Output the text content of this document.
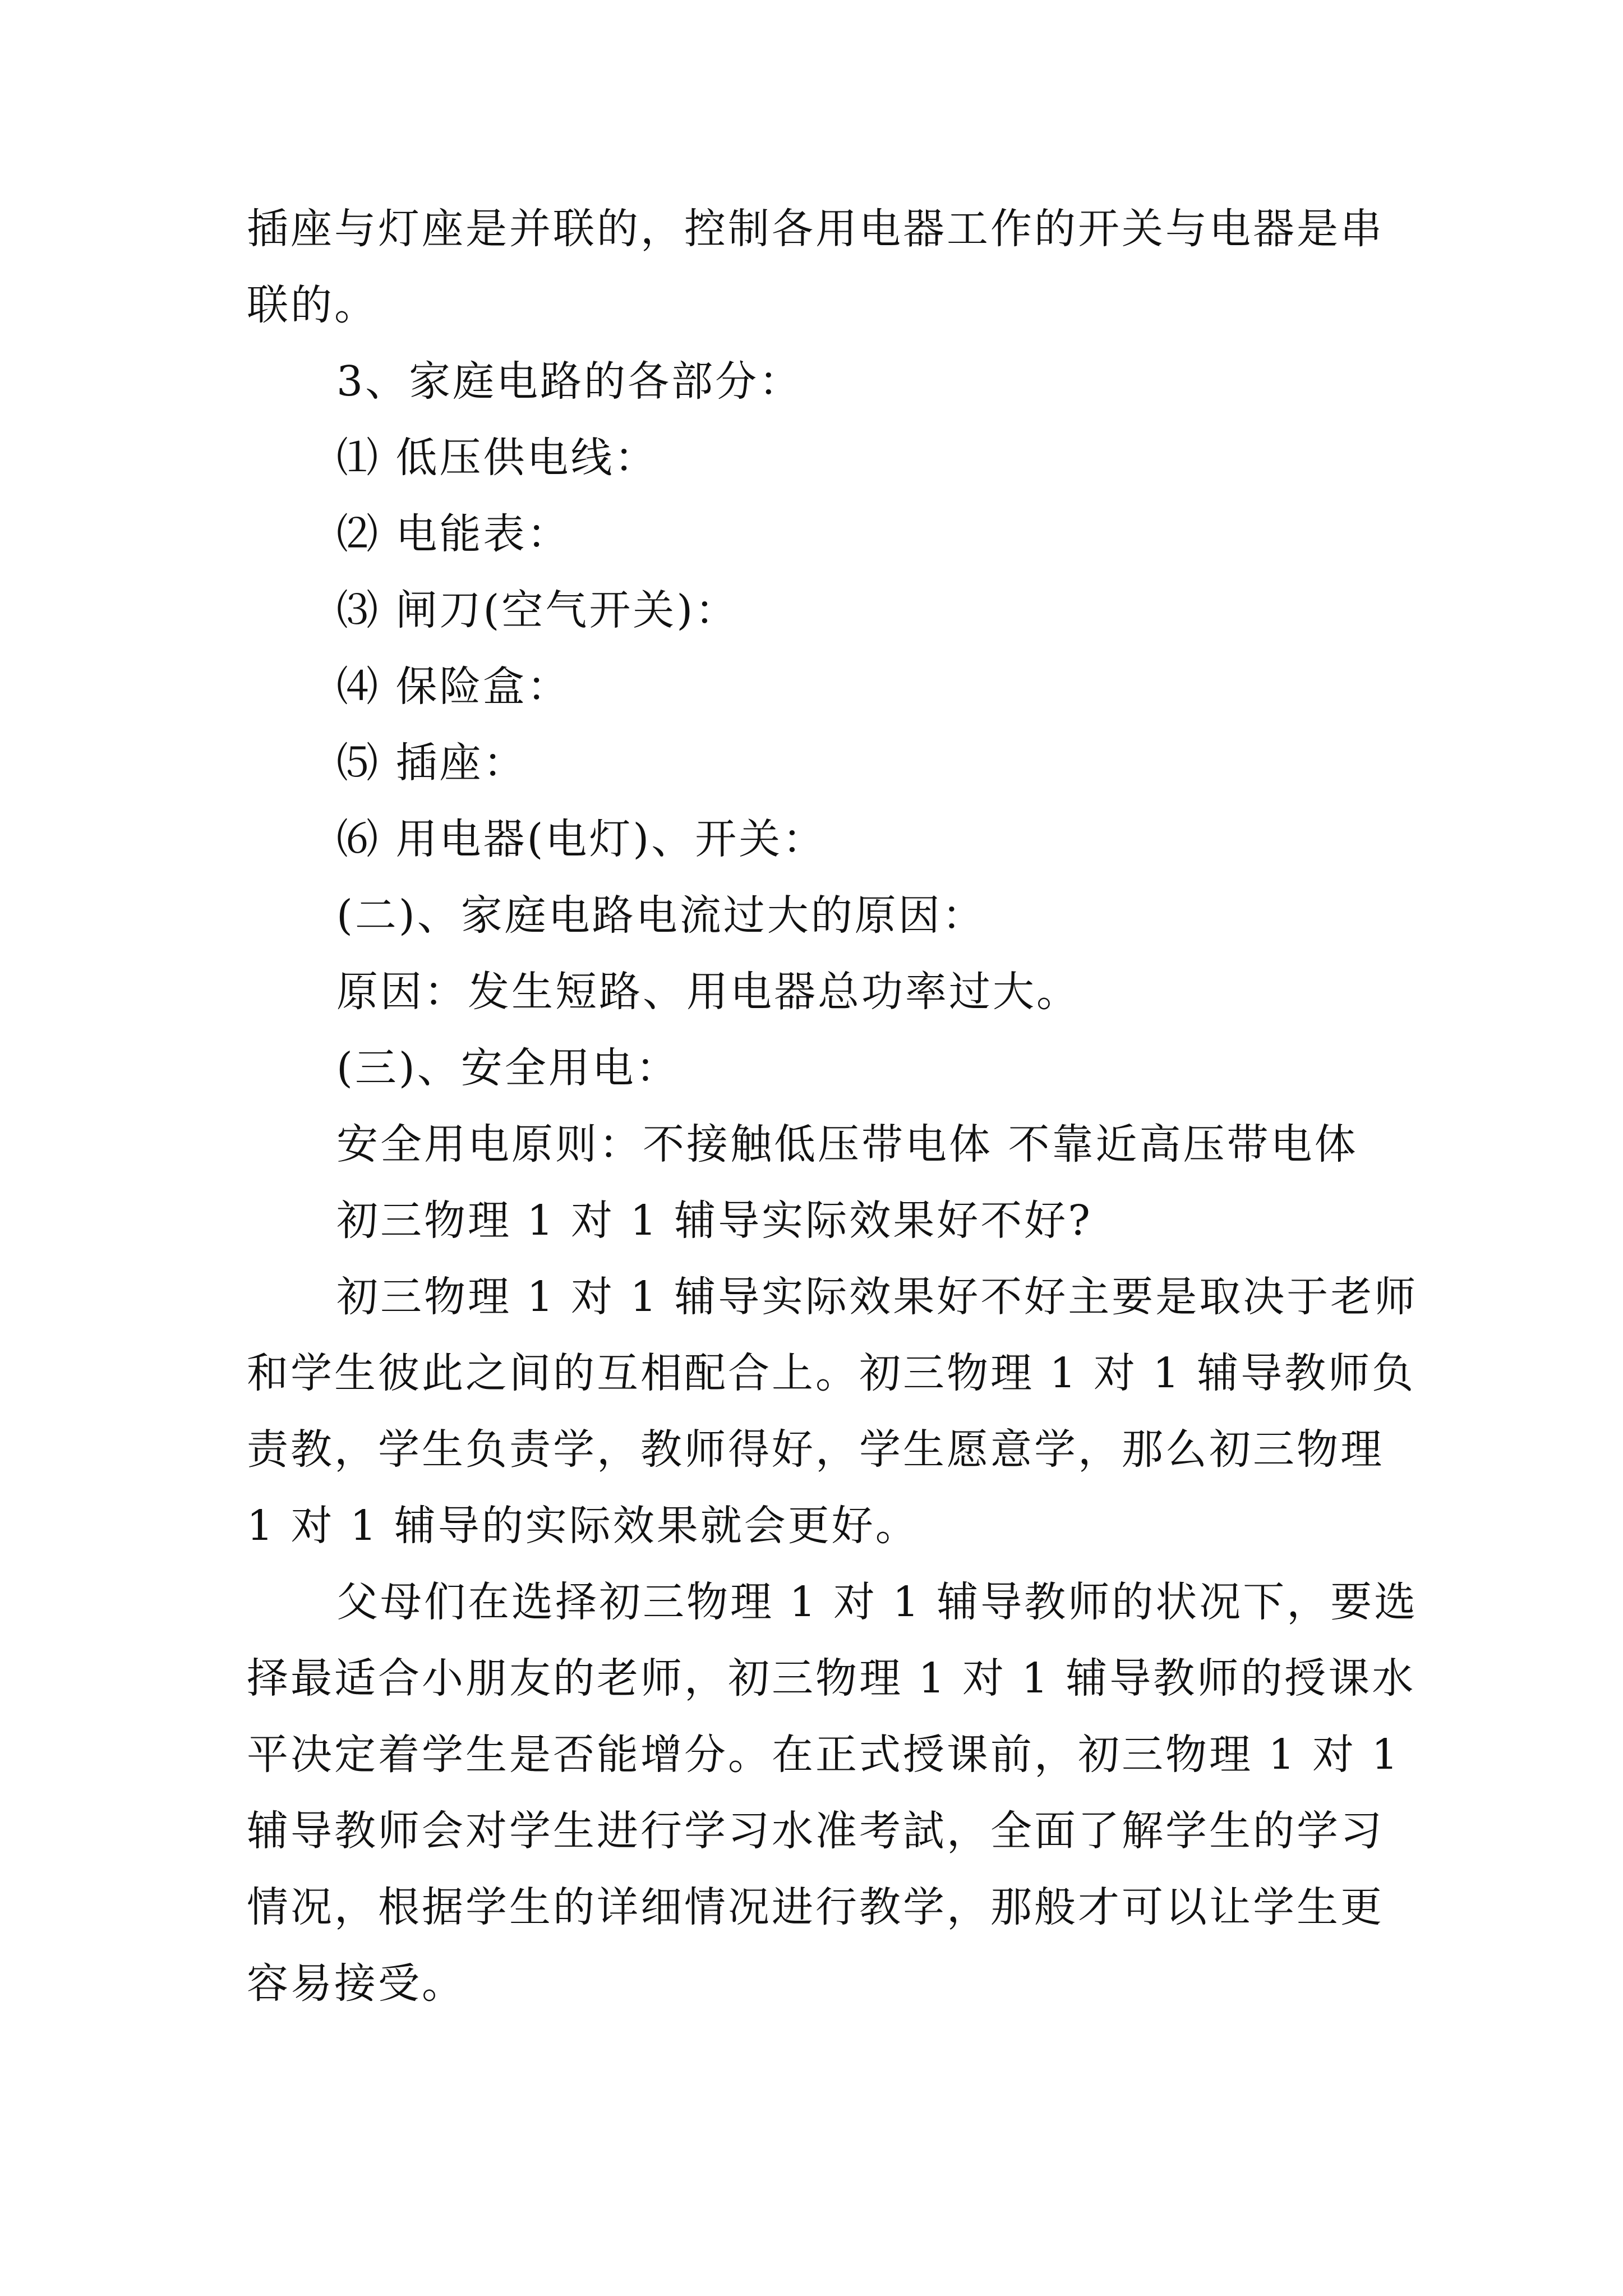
插座与灯座是并联的，控制各用电器工作的开关与电器是串
联的。
3、家庭电路的各部分：
⑴ 低压供电线：
⑵ 电能表：
⑶ 闸刀(空气开关)：
⑷ 保险盒：
⑸ 插座：
⑹ 用电器(电灯)、开关：
(二)、家庭电路电流过大的原因：
原因：发生短路、用电器总功率过大。
(三)、安全用电：
安全用电原则：不接触低压带电体 不靠近高压带电体
初三物理 1 对 1 辅导实际效果好不好?
初三物理 1 对 1 辅导实际效果好不好主要是取决于老师
和学生彼此之间的互相配合上。初三物理 1 对 1 辅导教师负
责教，学生负责学，教师得好，学生愿意学，那么初三物理
1 对 1 辅导的实际效果就会更好。
父母们在选择初三物理 1 对 1 辅导教师的状况下，要选
择最适合小朋友的老师，初三物理 1 对 1 辅导教师的授课水
平决定着学生是否能增分。在正式授课前，初三物理 1 对 1
辅导教师会对学生进行学习水准考試，全面了解学生的学习
情况，根据学生的详细情况进行教学，那般才可以让学生更
容易接受。
